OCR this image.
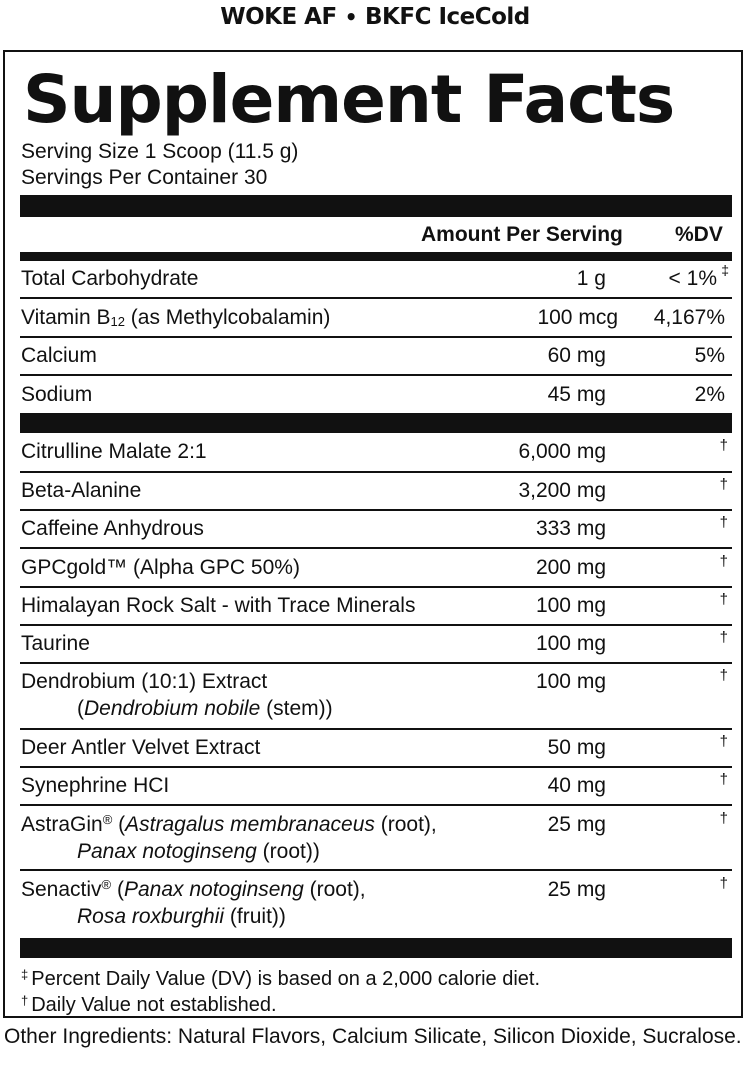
WOKE AF • BKFC IceCold
Supplement Facts
Serving Size 1 Scoop (11.5 g)
Servings Per Container 30
Amount Per Serving %DV
Total Carbohydrate	1 g	< 1% ‡
Vitamin $B_{12}$ (as Methylcobalamin)	100 mcg 4,167%
Calcium	60 mg	5%
Sodium	45 mg	2%
Citrulline Malate 2:1	6,000 mg	†
Beta-Alanine	3,200 mg	†
Caffeine Anhydrous	333 mg	†
GPCgold™ (Alpha GPC 50%)	200 mg	†
Himalayan Rock Salt - with Trace Minerals	100 mg	†
Taurine	100 mg	†
Dendrobium (10:1) Extract
(Dendrobium nobile (stem))
100 mg	†
Deer Antler Velvet Extract	50 mg	†
Synephrine HCI	40 mg	†
AstraGin® (Astragalus membranaceus (root),
Panax notoginseng (root))
25 mg	†
Senactiv® (Panax notoginseng (root),
Rosa roxburghii (fruit))
25 mg	†
‡ Percent Daily Value (DV) is based on a 2,000 calorie diet.
† Daily Value not established.
Other Ingredients: Natural Flavors, Calcium Silicate, Silicon Dioxide, Sucralose.
